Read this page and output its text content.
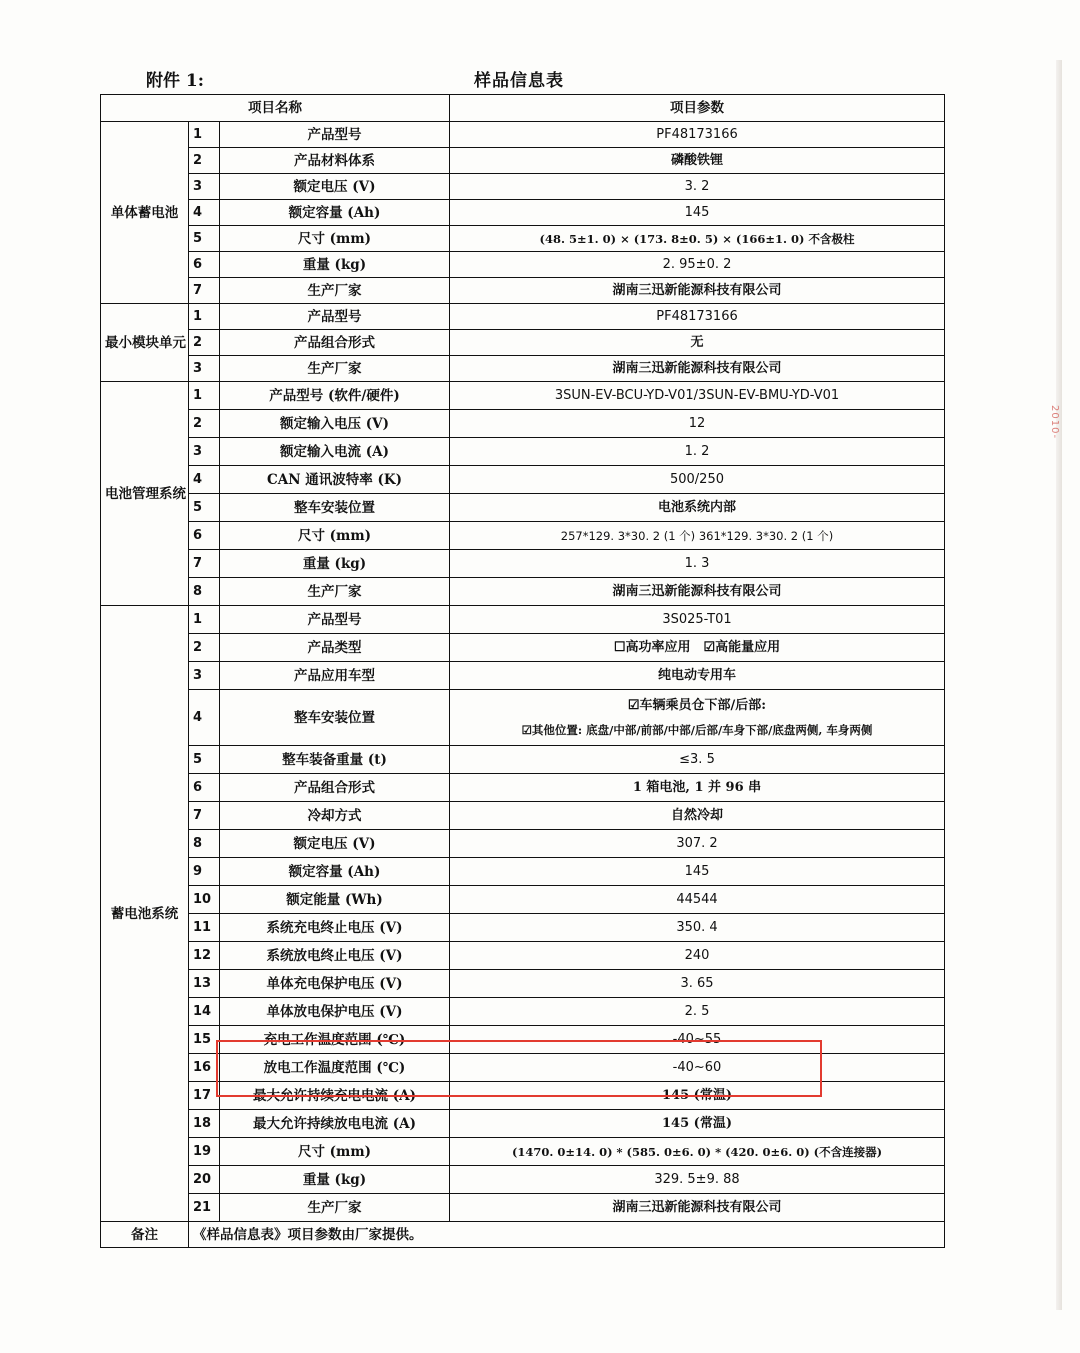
2010-
附件 1:	样品信息表
项目名称			项目参数
单体蓄电池	1	产品型号	PF48173166
	2	产品材料体系	磷酸铁锂
	3	额定电压 (V)	3. 2
	4	额定容量 (Ah)	145
	5	尺寸 (mm)	(48. 5±1. 0) × (173. 8±0. 5) × (166±1. 0) 不含极柱
	6	重量 (kg)	2. 95±0. 2
	7	生产厂家	湖南三迅新能源科技有限公司
最小模块单元	1	产品型号	PF48173166
	2	产品组合形式	无
	3	生产厂家	湖南三迅新能源科技有限公司
电池管理系统	1	产品型号 (软件/硬件)	3SUN-EV-BCU-YD-V01/3SUN-EV-BMU-YD-V01
	2	额定输入电压 (V)	12
	3	额定输入电流 (A)	1. 2
	4	CAN 通讯波特率 (K)	500/250
	5	整车安装位置	电池系统内部
	6	尺寸 (mm)	257*129. 3*30. 2 (1 个) 361*129. 3*30. 2 (1 个)
	7	重量 (kg)	1. 3
	8	生产厂家	湖南三迅新能源科技有限公司
蓄电池系统	1	产品型号	3S025-T01
	2	产品类型	☐高功率应用　☑高能量应用
	3	产品应用车型	纯电动专用车
	4	整车安装位置	☑车辆乘员仓下部/后部:
☑其他位置: 底盘/中部/前部/中部/后部/车身下部/底盘两侧, 车身两侧

	5	整车装备重量 (t)	≤3. 5
	6	产品组合形式	1 箱电池, 1 并 96 串
	7	冷却方式	自然冷却
	8	额定电压 (V)	307. 2
	9	额定容量 (Ah)	145
	10	额定能量 (Wh)	44544
	11	系统充电终止电压 (V)	350. 4
	12	系统放电终止电压 (V)	240
	13	单体充电保护电压 (V)	3. 65
	14	单体放电保护电压 (V)	2. 5
	15	充电工作温度范围 (℃)	-40~55
	16	放电工作温度范围 (℃)	-40~60
	17	最大允许持续充电电流 (A)	145 (常温)
	18	最大允许持续放电电流 (A)	145 (常温)
	19	尺寸 (mm)	(1470. 0±14. 0) * (585. 0±6. 0) * (420. 0±6. 0) (不含连接器)
	20	重量 (kg)	329. 5±9. 88
	21	生产厂家	湖南三迅新能源科技有限公司
备注	《样品信息表》项目参数由厂家提供。		
